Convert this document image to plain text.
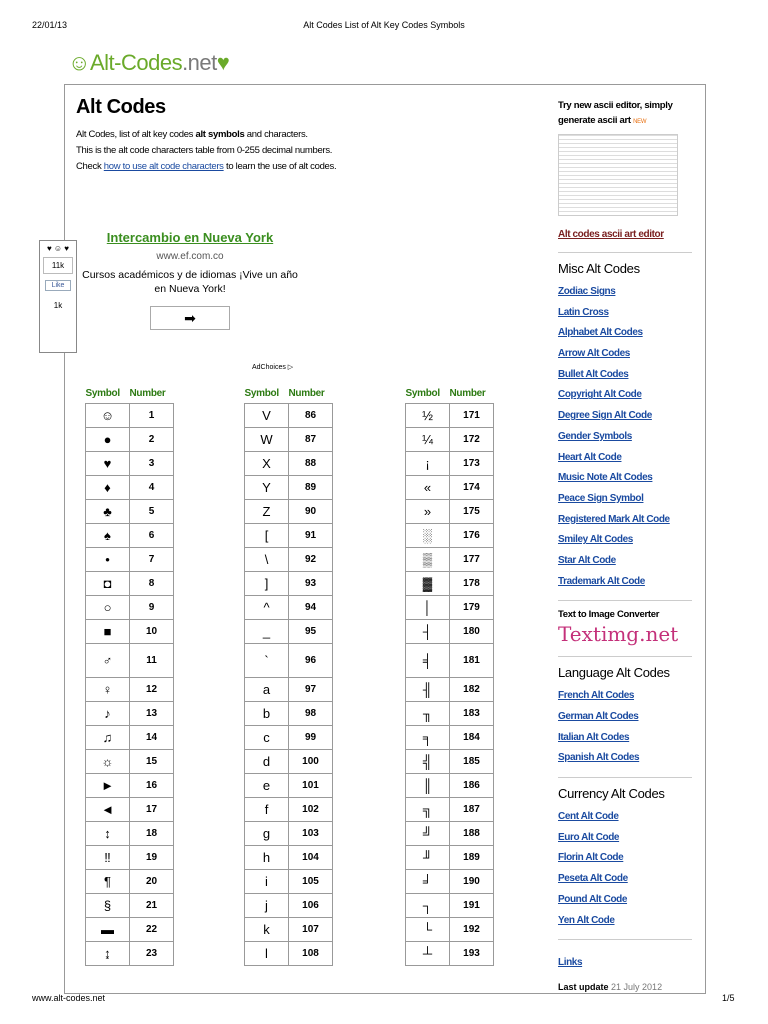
22/01/13	Alt Codes List of Alt Key Codes Symbols
☺Alt-Codes.net♥
Alt Codes
Alt Codes, list of alt key codes alt symbols and characters.
This is the alt code characters table from 0-255 decimal numbers.
Check how to use alt code characters to learn the use of alt codes.
♥ ☺ ♥
11k
Like
1k
Intercambio en Nueva York
www.ef.com.co
Cursos académicos y de idiomas ¡Vive un año en Nueva York!
➡
AdChoices ▷
Symbol	Number
☺	1
●	2
♥	3
♦	4
♣	5
♠	6
•	7
◘	8
○	9
■	10
♂	11
♀	12
♪	13
♫	14
☼	15
►	16
◄	17
↕	18
‼	19
¶	20
§	21
▬	22
↨	23
Symbol	Number
V	86
W	87
X	88
Y	89
Z	90
[	91
\	92
]	93
^	94
_	95
`	96
a	97
b	98
c	99
d	100
e	101
f	102
g	103
h	104
i	105
j	106
k	107
l	108
Symbol	Number
½	171
¼	172
¡	173
«	174
»	175
░	176
▒	177
▓	178
│	179
┤	180
╡	181
╢	182
╖	183
╕	184
╣	185
║	186
╗	187
╝	188
╜	189
╛	190
┐	191
└	192
┴	193
Try new ascii editor, simply generate ascii art NEW
Alt codes ascii art editor
Misc Alt Codes
Zodiac Signs
Latin Cross
Alphabet Alt Codes
Arrow Alt Codes
Bullet Alt Codes
Copyright Alt Code
Degree Sign Alt Code
Gender Symbols
Heart Alt Code
Music Note Alt Codes
Peace Sign Symbol
Registered Mark Alt Code
Smiley Alt Codes
Star Alt Code
Trademark Alt Code
Text to Image Converter
Textimg.net
Language Alt Codes
French Alt Codes
German Alt Codes
Italian Alt Codes
Spanish Alt Codes
Currency Alt Codes
Cent Alt Code
Euro Alt Code
Florin Alt Code
Peseta Alt Code
Pound Alt Code
Yen Alt Code
Links
Last update 21 July 2012
www.alt-codes.net	1/5
